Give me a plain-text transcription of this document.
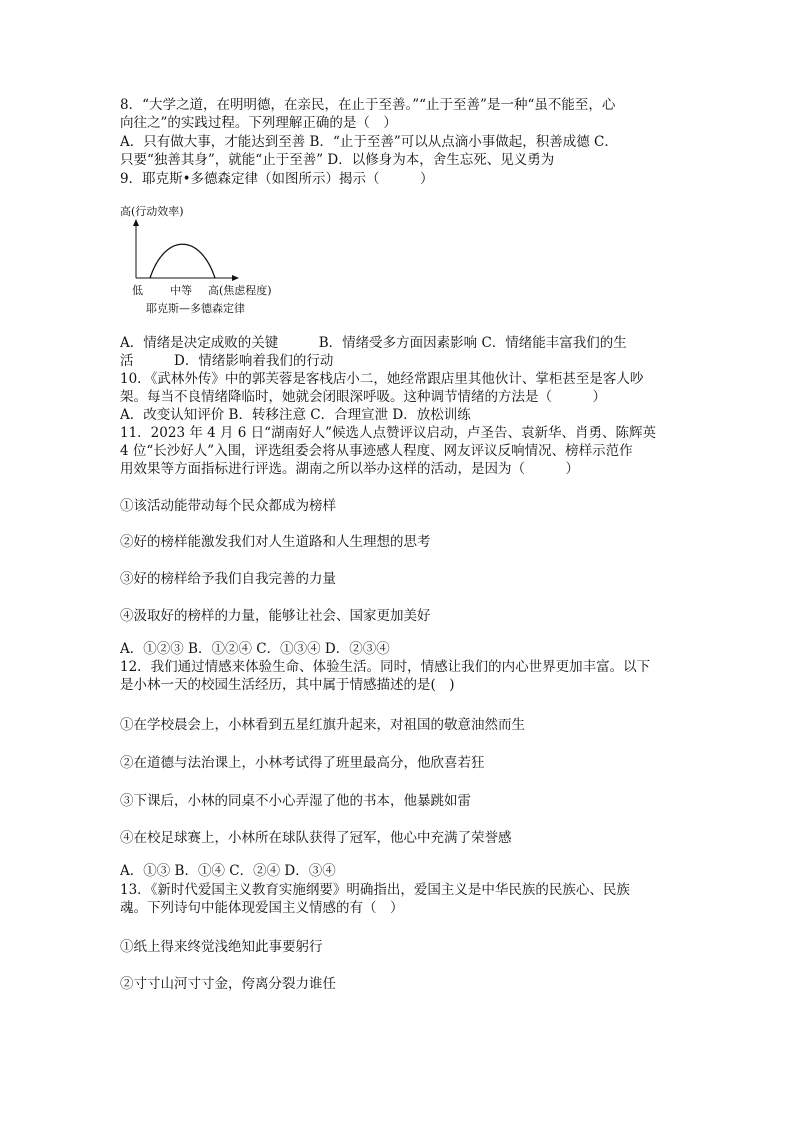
8．“大学之道，在明明德，在亲民，在止于至善。”“止于至善”是一种“虽不能至，心
向往之”的实践过程。下列理解正确的是（　）
A．只有做大事，才能达到至善 B．“止于至善”可以从点滴小事做起，积善成德 C．
只要“独善其身”，就能“止于至善” D．以修身为本，舍生忘死、见义勇为
9．耶克斯•多德森定律（如图所示）揭示（　　　）
高(行动效率)
低 中等 高(焦虑程度)
耶克斯—多德森定律
A．情绪是决定成败的关键　　　B．情绪受多方面因素影响 C．情绪能丰富我们的生
活　　　D．情绪影响着我们的行动
10．《武林外传》中的郭芙蓉是客栈店小二，她经常跟店里其他伙计、掌柜甚至是客人吵
架。每当不良情绪降临时，她就会闭眼深呼吸。这种调节情绪的方法是（　　　）
A．改变认知评价 B．转移注意 C．合理宣泄 D．放松训练
11．2023 年 4 月 6 日“湖南好人”候选人点赞评议启动，卢圣告、袁新华、肖勇、陈辉英
4 位“长沙好人”入围，评选组委会将从事迹感人程度、网友评议反响情况、榜样示范作
用效果等方面指标进行评选。湖南之所以举办这样的活动，是因为（　　　）
①该活动能带动每个民众都成为榜样
②好的榜样能激发我们对人生道路和人生理想的思考
③好的榜样给予我们自我完善的力量
④汲取好的榜样的力量，能够让社会、国家更加美好
A．①②③ B．①②④ C．①③④ D．②③④
12．我们通过情感来体验生命、体验生活。同时，情感让我们的内心世界更加丰富。以下
是小林一天的校园生活经历，其中属于情感描述的是(　)
①在学校晨会上，小林看到五星红旗升起来，对祖国的敬意油然而生
②在道德与法治课上，小林考试得了班里最高分，他欣喜若狂
③下课后，小林的同桌不小心弄湿了他的书本，他暴跳如雷
④在校足球赛上，小林所在球队获得了冠军，他心中充满了荣誉感
A．①③ B．①④ C．②④ D．③④
13．《新时代爱国主义教育实施纲要》明确指出，爱国主义是中华民族的民族心、民族
魂。下列诗句中能体现爱国主义情感的有（　）
①纸上得来终觉浅绝知此事要躬行
②寸寸山河寸寸金，侉离分裂力谁任
